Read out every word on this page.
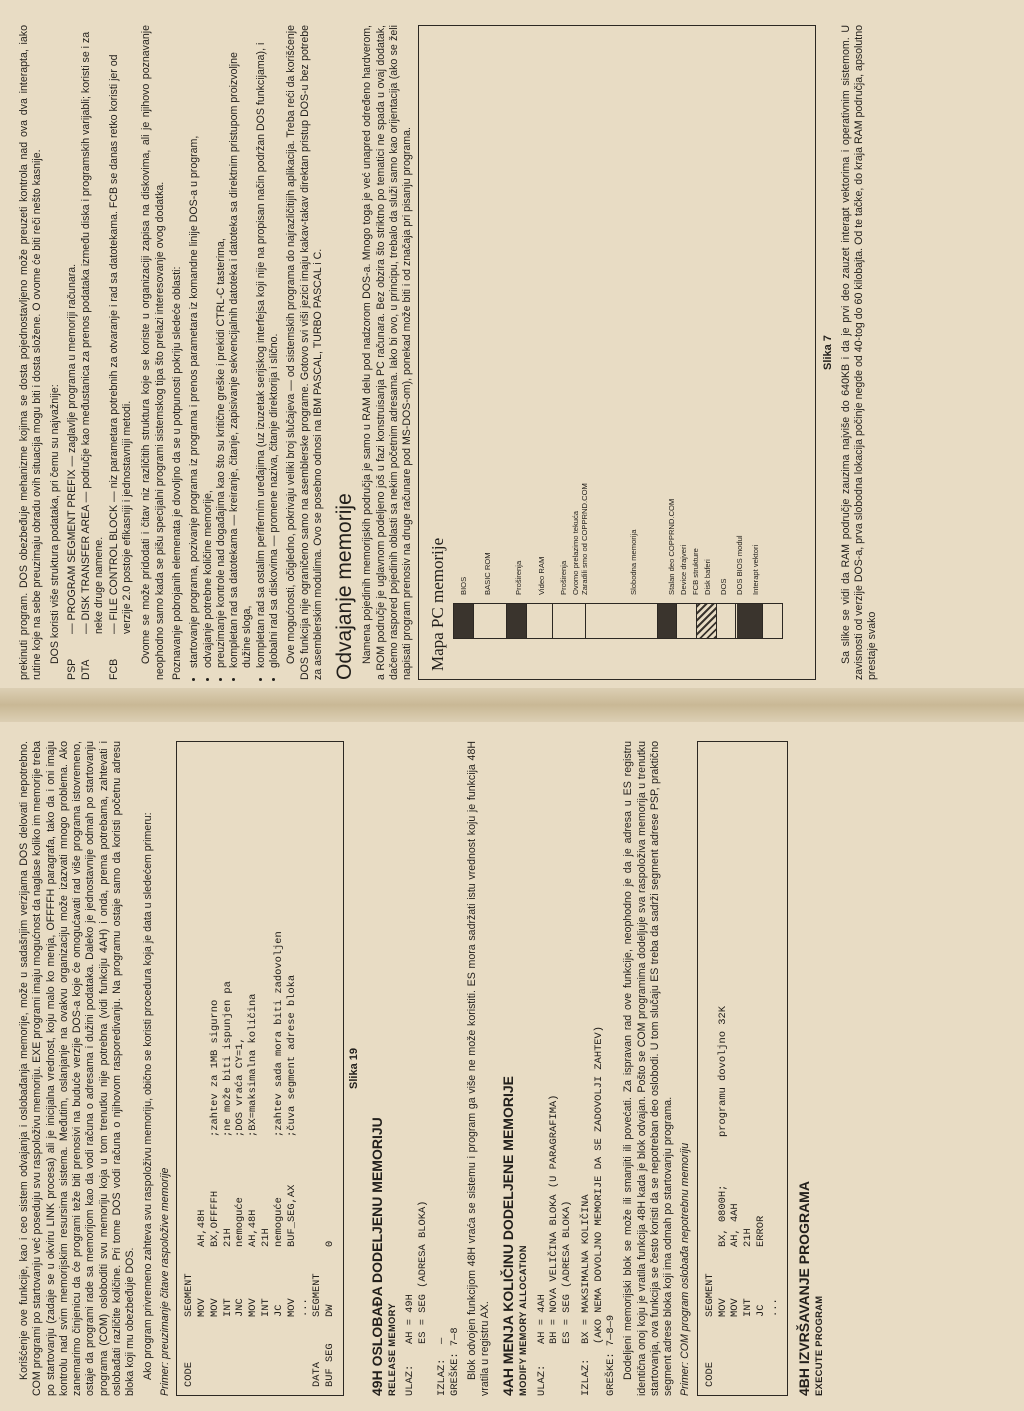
prekinuti program. DOS obezbeđuje mehanizme kojima se dosta pojednostavljeno može preuzeti kontrola nad ova dva interapta, iako rutine koje na sebe preuzimaju obradu ovih situacija mogu biti i dosta složene. O ovome će biti reči nešto kasnije. DOS koristi više struktura podataka, pri čemu su najvažnije:

PSP
— PROGRAM SEGMENT PREFIX — zaglavlje programa u memoriji računara.
DTA
— DISK TRANSFER AREA — područje kao međustanica za prenos podataka između diska i programskih varijabli; koristi se i za neke druge namene.
FCB
— FILE CONTROL BLOCK — niz parametara potrebnih za otvaranje i rad sa datotekama. FCB se danas retko koristi jer od verzije 2.0 postoje efikasniji i jednostavniji metodi. Ovome se može pridodati i čitav niz različitih struktura koje se koriste u organizaciji zapisa na diskovima, ali je njihovo poznavanje neophodno samo kada se pišu specijalni programi sistemskog tipa što prelazi interesovanje ovog dodatka. Poznavanje pobrojanih elemenata je dovoljno da se u potpunosti pokriju sledeće oblasti: • startovanje programa, pozivanje programa iz programa i prenos parametara iz komandne linije DOS-a u program, • odvajanje potrebne količine memorije, • preuzimanje kontrole nad događajima kao što su kritične greške i prekidi CTRL-C tasterima, • kompletan rad sa datotekama — kreiranje, čitanje, zapisivanje sekvencijalnih datoteka i datoteka sa direktnim pristupom proizvoljne dužine sloga, • kompletan rad sa ostalim periferním uređajima (uz izuzetak serijskog interfejsa koji nije na propisan način podržan DOS funkcijama), i • globalni rad sa diskovima — promene naziva, čitanje direktorija i slično. Ove mogućnosti, očigledno, pokrivaju veliki broj slučajeva — od sistemskih programa do najrazličitijih aplikacija. Treba reći da korišćenje DOS funkcija nije ograničeno samo na asemblerske programe. Gotovo svi viši jezici imaju kakav-takav direktan pristup DOS-u bez potrebe za asemblerskim modulima. Ovo se posebno odnosi na IBM PASCAL, TURBO PASCAL i C. Odvajanje memorije Namena pojedinih memorijskih područja je samo u RAM delu pod nadzorom DOS-a. Mnogo toga je već unapred određeno hardverom, a ROM područje je uglavnom podeljeno još u fazi konstruisanja PC računara. Bez obzira što striktno po tematici ne spada u ovaj dodatak, dačemo raspored pojedinih oblasti sa nekim početnim adresama. Iako bi ovo, u principu, trebalo da služi samo kao orijentacija (ako se želi napisati program prenosiv na druge računare pod MS-DOS-om), ponekad može biti i od značaja pri pisanju programa. Mapa PC memorije BIOS BASIC ROM	Proširenja Video RAM Proširenja Ovomo prelazimo tekuća
Zaradili smo od COPPRND.COM
Slobodna memorija	Stalan deo COPPRND.COM Device drajveri FCB strukture Disk baferi DOS DOS BIOS modul Interapt vektori
Slika 7 Sa slike se vidi da RAM područje zauzima najviše do 640KB i da je prvi deo zauzet interapt vektorima i operativnim sistemom. U zavisnosti od verzije DOS-a, prva slobodna lokacija počinje negde od 40-tog do 60 kilobajta. Od te tačke, do kraja RAM područja, apsolutno prestaje svako

Korišćenje ove funkcije, kao i ceo sistem odvajanja i oslobađanja memorije, može u sadašnjim verzijama DOS delovati nepotrebno. COM programi po startovanju već poseduju svu raspoloživu memoriju. EXE programi imaju mogućnost da naglase koliko im memorije treba po startovanju (zadaje se u okviru LINK procesa) ali je inicijalna vrednost, koju malo ko menja, OFFFFH paragrafa, tako da i oni imaju kontrolu nad svim memorijskim resursima sistema. Međutim, oslanjanje na ovakvu organizaciju može izazvati mnogo problema. Ako zanemarimo činjenicu da će programi teže biti prenosivi na buduće verzije DOS-a koje će omogućavati rad više programa istovremeno, ostaje da programi rade sa memorijom kao da vodi računa o adresama i dužini podataka. Daleko je jednostavnije odmah po startovanju programa (COM) osloboditi svu memoriju koja u tom trenutku nije potrebna (vidi funkciju 4AH) i onda, prema potrebama, zahtevati i oslobađati različite količine. Pri tome DOS vodi računa o njihovom rasporedivanju. Na programu ostaje samo da koristi početnu adresu bloka koji mu obezbeđuje DOS. Ako program privremeno zahteva svu raspoloživu memoriju, obično se koristi procedura koja je data u sledećem primeru: Primer: preuzimanje čitave raspoložive memorije CODE
SEGMENT

MOV
AH,48H

MOV
BX,OFFFFH
;zahtev za 1MB sigurno

INT
21H
;ne može biti ispunjen pa

JNC
nemoguće
;DOS vraća CY=1,

MOV
AH,48H
;BX=maksimalna količina

INT
21H

JC
nemoguće
;zahtev sada mora biti zadovoljen

MOV
BUF_SEG,AX
;čuva segment adrese bloka

...

DATA
SEGMENT

BUF SEG
DW
0

Slika 19
49H OSLOBAĐA DODELJENU MEMORIJU RELEASE MEMORY ULAZ:
AH = 49H
ES = SEG (ADRESA BLOKA)
IZLAZ:
— GREŠKE: 7—8 Blok odvojen funkcijom 48H vraća se sistemu i program ga više ne može koristiti. ES mora sadržati istu vrednost koju je funkcija 48H vratila u registru AX. 4AH MENJA KOLIČINU DODELJENE MEMORIJE MODIFY MEMORY ALLOCATION ULAZ:
AH = 4AH
BH = NOVA VELIČINA BLOKA (U PARAGRAFIMA)
ES = SEG (ADRESA BLOKA)
IZLAZ:
BX = MAKSIMALNA KOLIČINA
(AKO NEMA DOVOLJNO MEMORIJE DA SE ZADOVOLJI ZAHTEV)
GREŠKE: 7—8—9 Dodeljeni memorijski blok se može ili smanjiti ili povećati. Za ispravan rad ove funkcije, neophodno je da je adresa u ES registru identična onoj koju je vratila funkcija 48H kada je blok odvajan. Pošto se COM programima dodeljuje sva raspoloživa memorija u trenutku startovanja, ova funkcija se često koristi da se nepotreban deo oslobodi. U tom slučaju ES treba da sadrži segment adrese PSP, praktično segment adrese bloka koji ima odmah po startovanju programa. Primer: COM program oslobađa nepotrebnu memoriju CODE
SEGMENT

MOV
BX, 0800H;
programu dovoljno 32K

MOV
AH, 4AH

INT
21H

JC
ERROR

...

4BH IZVRŠAVANJE PROGRAMA EXECUTE PROGRAM
